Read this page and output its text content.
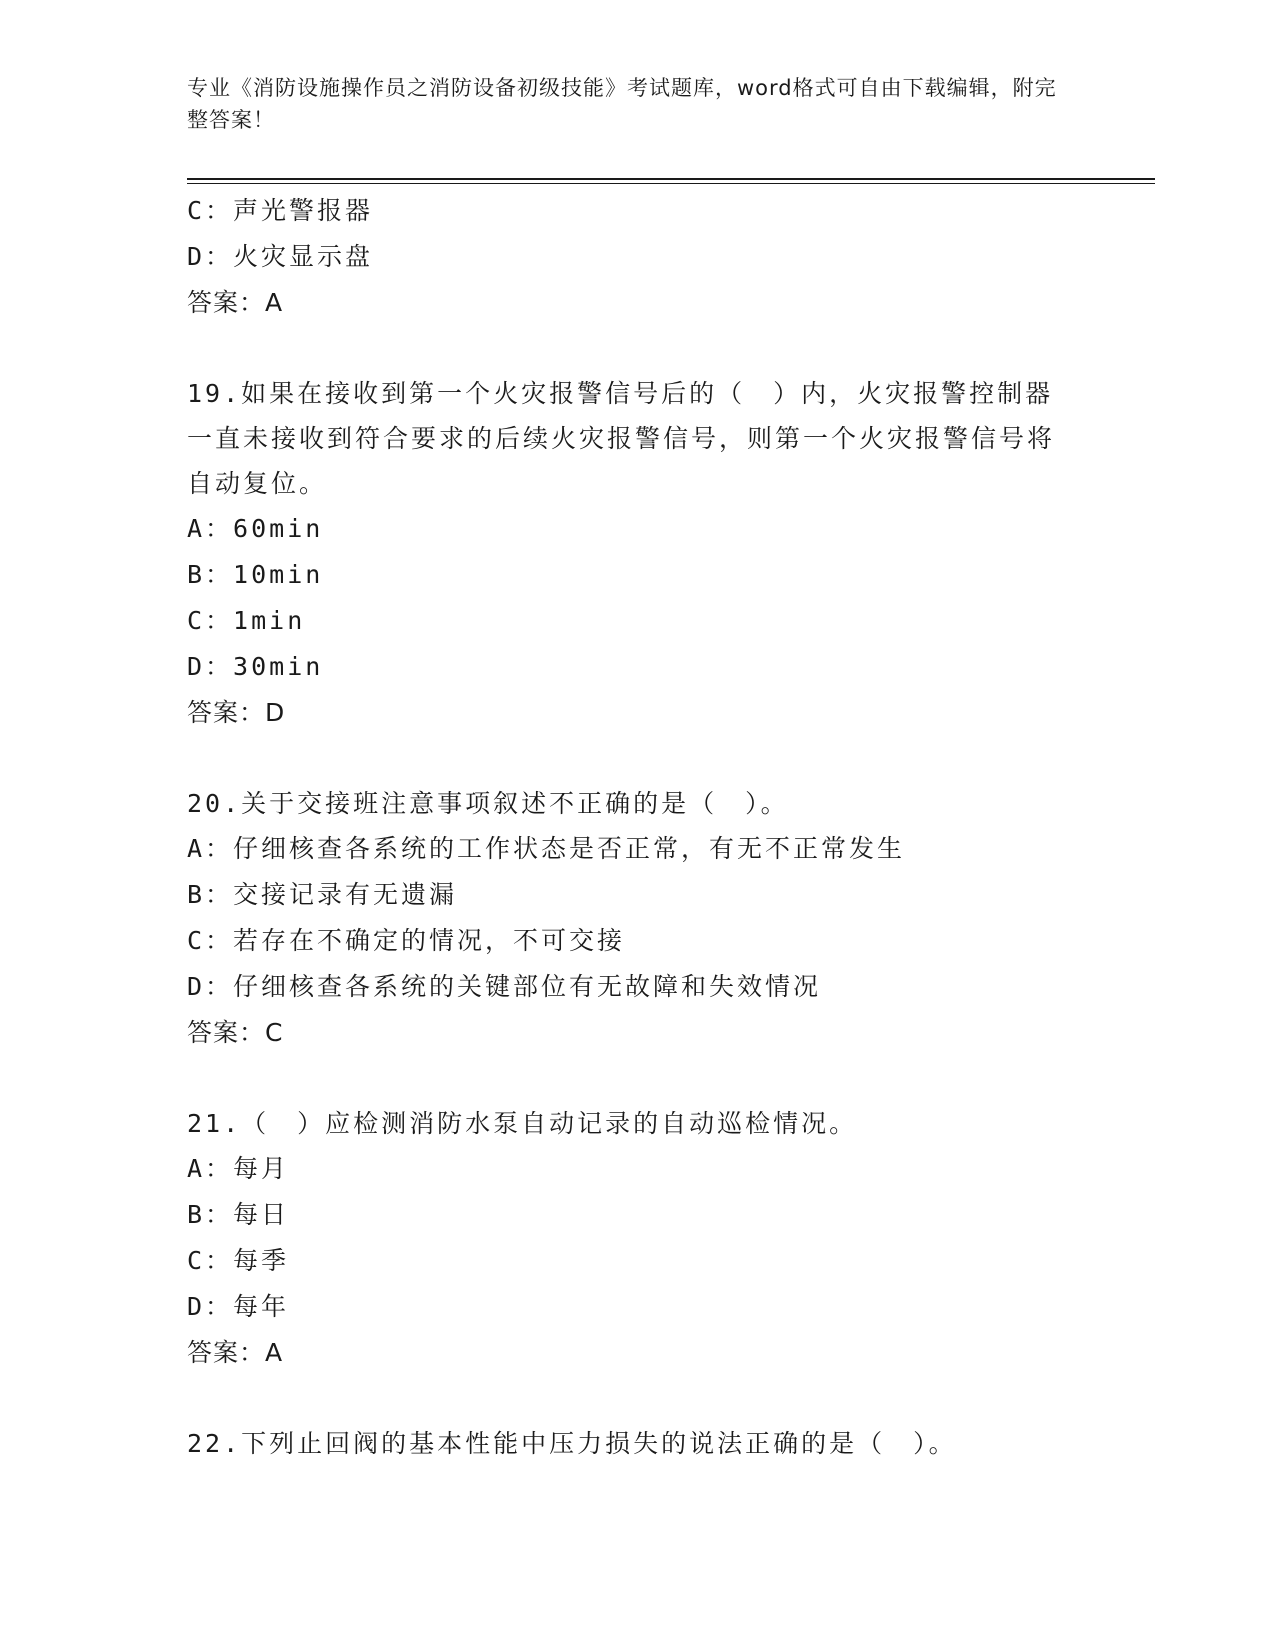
专业《消防设施操作员之消防设备初级技能》考试题库，word格式可自由下载编辑，附完整答案！
C：声光警报器
D：火灾显示盘
答案：A
19.如果在接收到第一个火灾报警信号后的（　）内，火灾报警控制器一直未接收到符合要求的后续火灾报警信号，则第一个火灾报警信号将自动复位。
A：60min
B：10min
C：1min
D：30min
答案：D
20.关于交接班注意事项叙述不正确的是（　）。
A：仔细核查各系统的工作状态是否正常，有无不正常发生
B：交接记录有无遗漏
C：若存在不确定的情况，不可交接
D：仔细核查各系统的关键部位有无故障和失效情况
答案：C
21.（　）应检测消防水泵自动记录的自动巡检情况。
A：每月
B：每日
C：每季
D：每年
答案：A
22.下列止回阀的基本性能中压力损失的说法正确的是（　）。
